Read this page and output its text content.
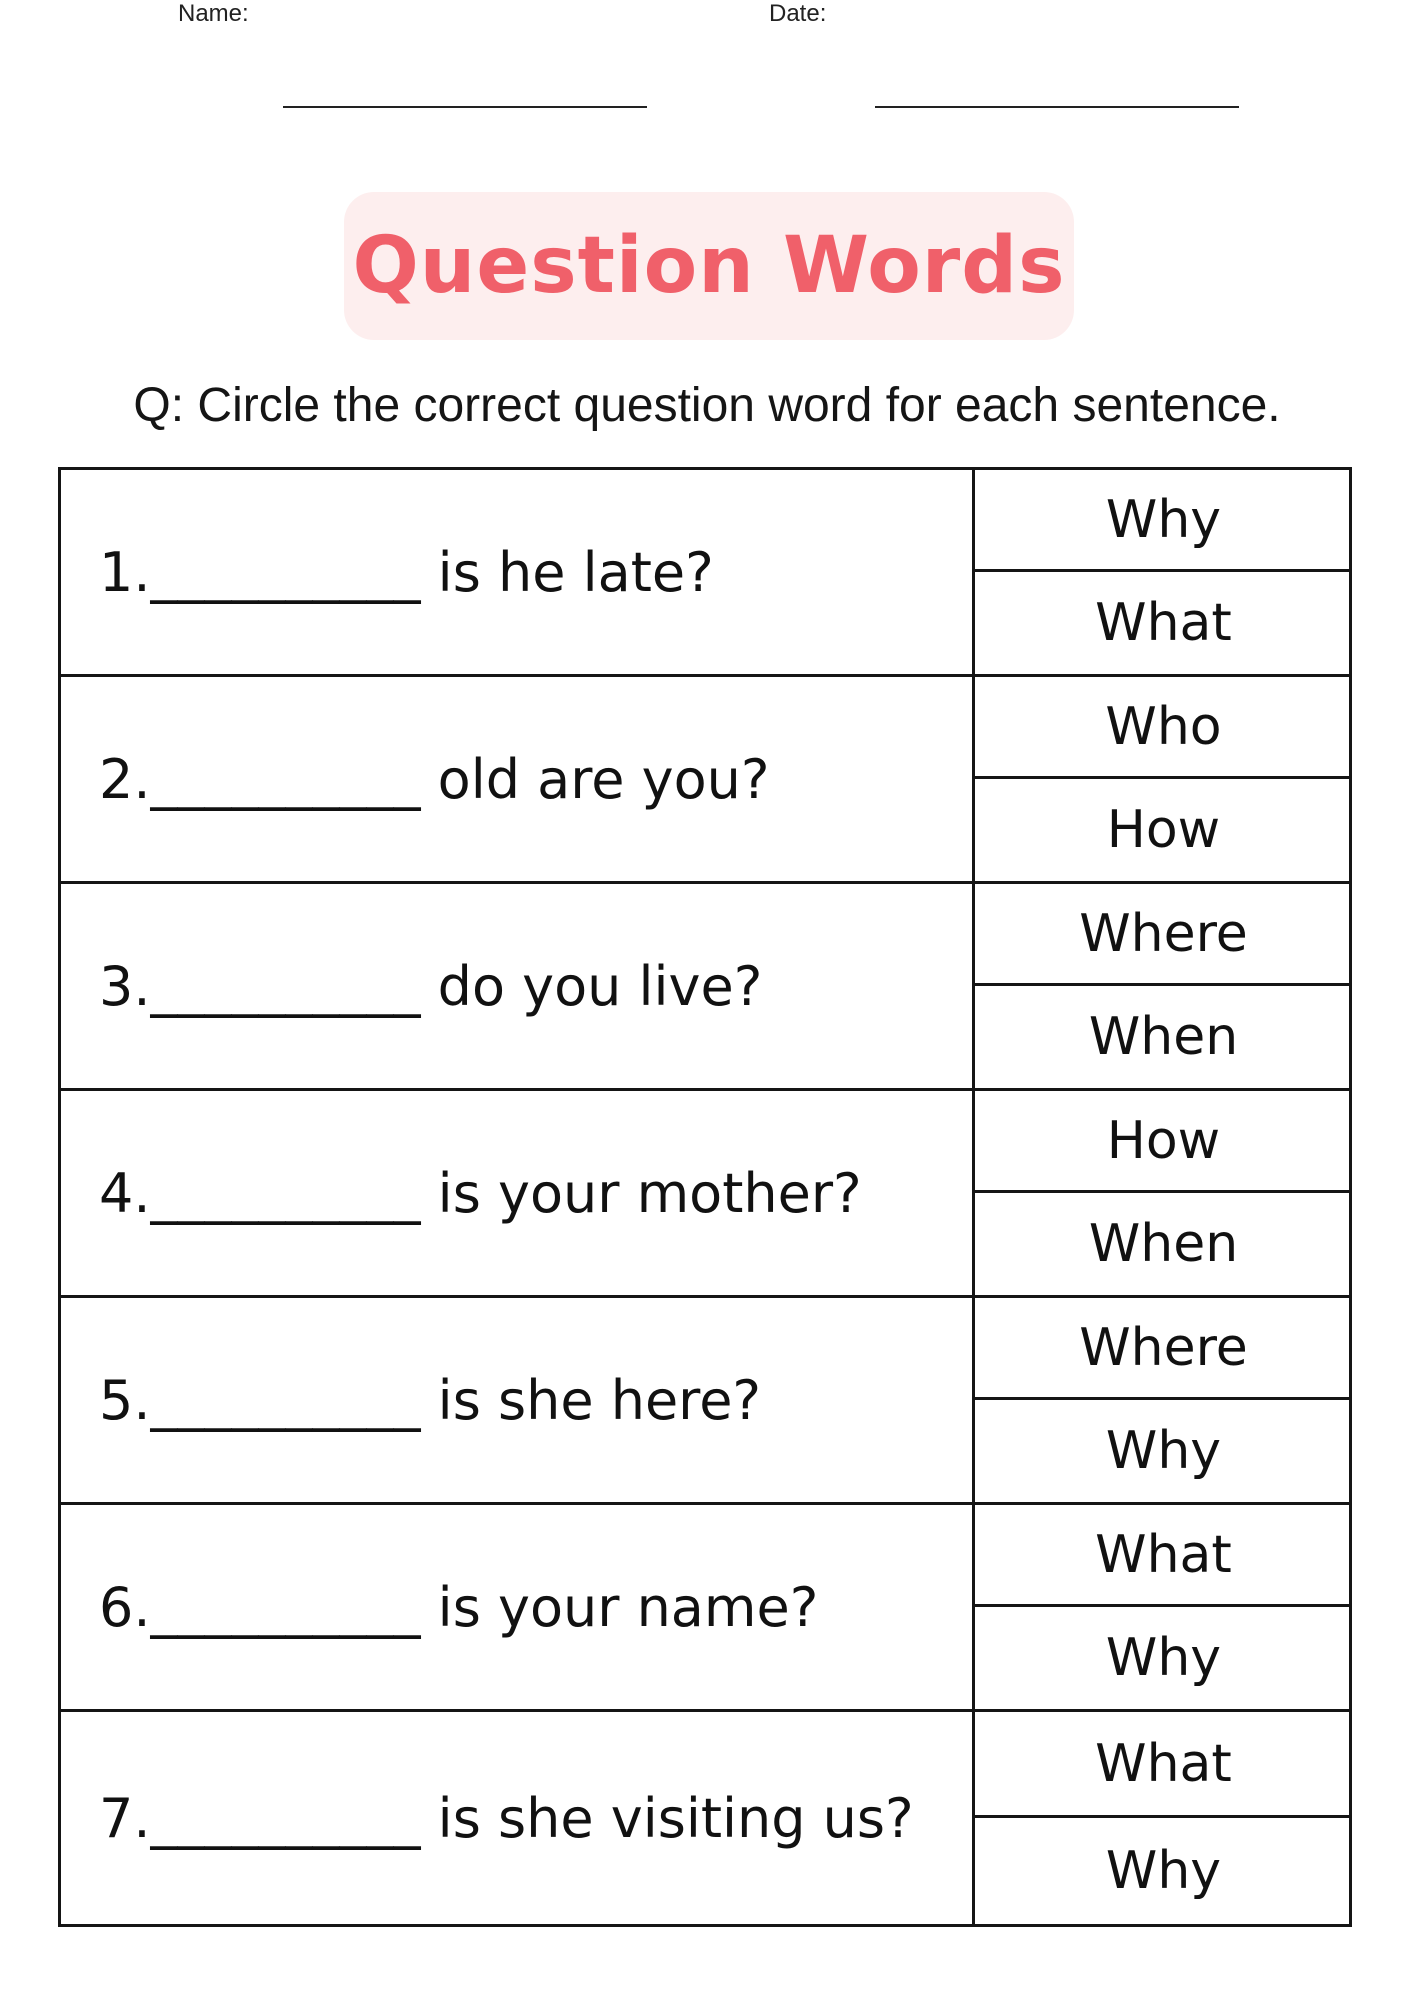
Name:	Date:
Question Words
Q: Circle the correct question word for each sentence.
1.__________ is he late?
Why
What
2.__________ old are you?
Who
How
3.__________ do you live?
Where
When
4.__________ is your mother?
How
When
5.__________ is she here?
Where
Why
6.__________ is your name?
What
Why
7.__________ is she visiting us?
What
Why
